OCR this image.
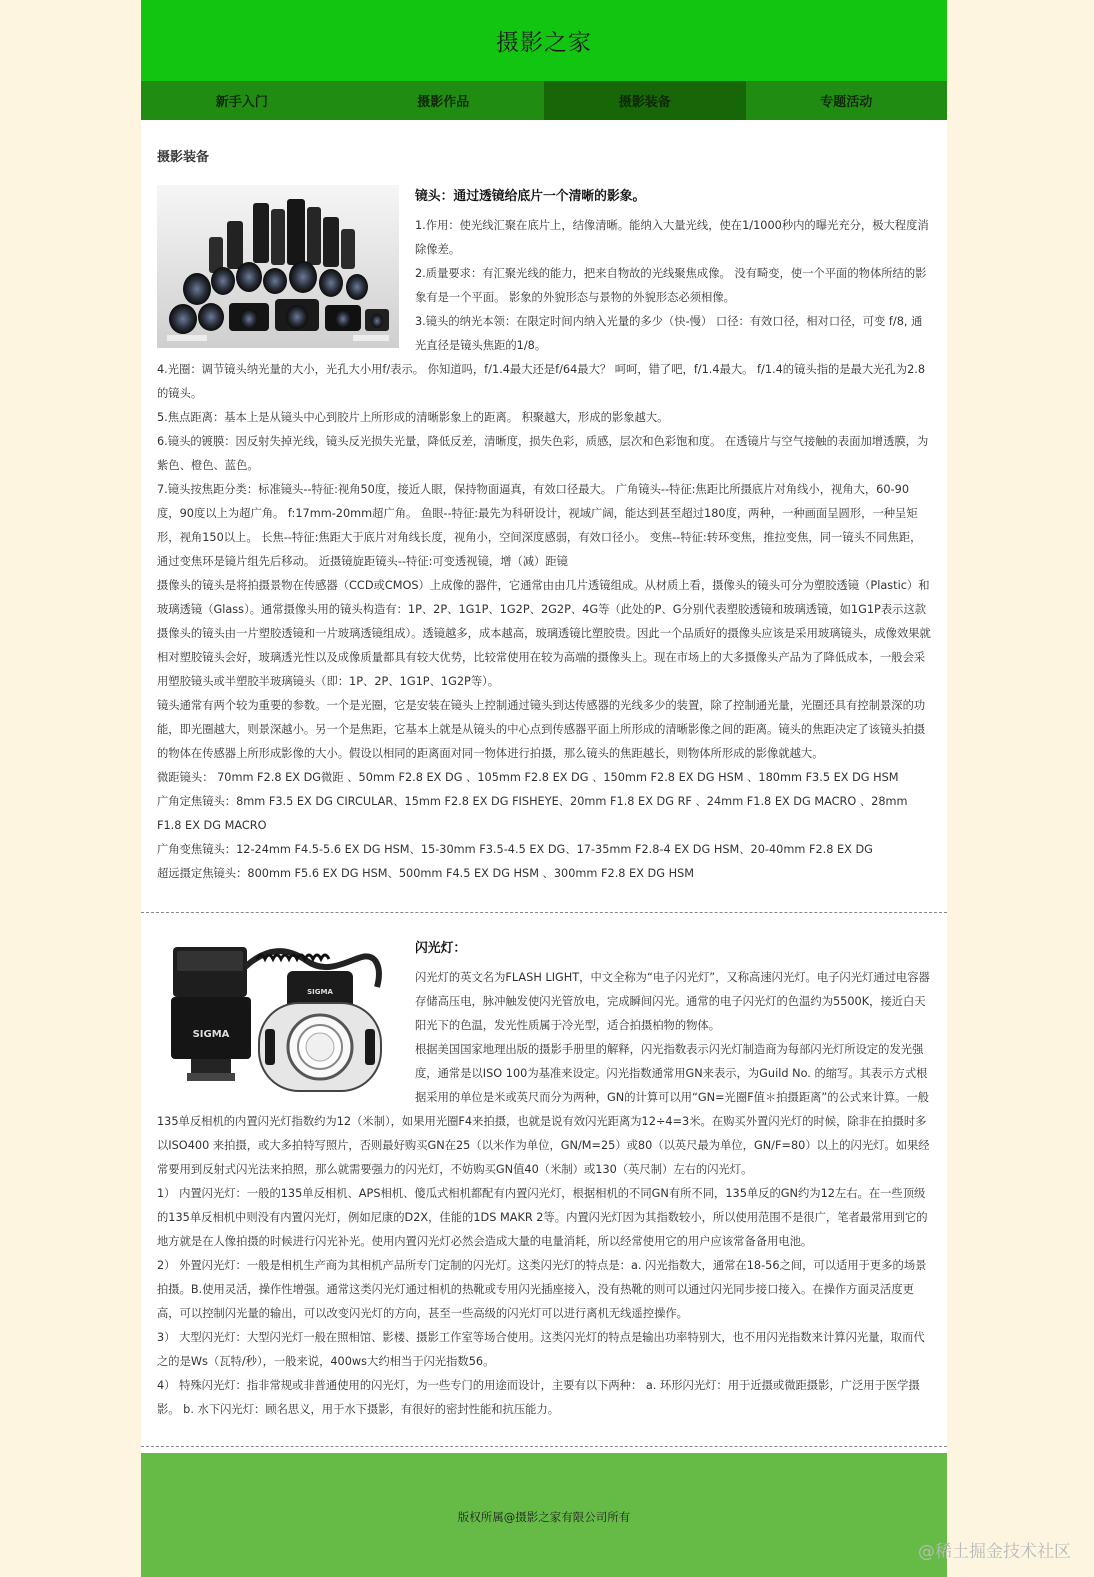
摄影之家
新手入门	摄影作品	摄影装备	专题活动
摄影装备

镜头：通过透镜给底片一个清晰的影象。

1.作用：使光线汇聚在底片上，结像清晰。能纳入大量光线，使在1/1000秒内的曝光充分，极大程度消除像差。

2.质量要求：有汇聚光线的能力，把来自物故的光线聚焦成像。 没有畸变，使一个平面的物体所结的影象有是一个平面。 影象的外貌形态与景物的外貌形态必须相像。

3.镜头的纳光本领：在限定时间内纳入光量的多少（快-慢） 口径：有效口径，相对口径，可变 f/8, 通光直径是镜头焦距的1/8。

4.光圈：调节镜头纳光量的大小，光孔大小用f/表示。 你知道吗，f/1.4最大还是f/64最大？ 呵呵，错了吧，f/1.4最大。 f/1.4的镜头指的是最大光孔为2.8的镜头。

5.焦点距离：基本上是从镜头中心到胶片上所形成的清晰影象上的距离。 积聚越大，形成的影象越大。

6.镜头的镀膜：因反射失掉光线，镜头反光损失光量，降低反差，清晰度，损失色彩，质感，层次和色彩饱和度。 在透镜片与空气接触的表面加增透膜，为紫色、橙色、蓝色。

7.镜头按焦距分类：标准镜头--特征:视角50度，接近人眼，保持物面逼真，有效口径最大。 广角镜头--特征:焦距比所摄底片对角线小，视角大，60-90度，90度以上为超广角。 f:17mm-20mm超广角。 鱼眼--特征:最先为科研设计，视域广阔，能达到甚至超过180度，两种，一种画面呈圆形，一种呈矩形，视角150以上。 长焦--特征:焦距大于底片对角线长度，视角小，空间深度感弱，有效口径小。 变焦--特征:转环变焦，推拉变焦，同一镜头不同焦距，通过变焦环是镜片组先后移动。 近摄镜旋距镜头--特征:可变透视镜，增（减）距镜

摄像头的镜头是将拍摄景物在传感器（CCD或CMOS）上成像的器件，它通常由由几片透镜组成。从材质上看，摄像头的镜头可分为塑胶透镜（Plastic）和玻璃透镜（Glass）。通常摄像头用的镜头构造有：1P、2P、1G1P、1G2P、2G2P、4G等（此处的P、G分别代表塑胶透镜和玻璃透镜，如1G1P表示这款摄像头的镜头由一片塑胶透镜和一片玻璃透镜组成）。透镜越多，成本越高，玻璃透镜比塑胶贵。因此一个品质好的摄像头应该是采用玻璃镜头，成像效果就相对塑胶镜头会好，玻璃透光性以及成像质量都具有较大优势，比较常使用在较为高端的摄像头上。现在市场上的大多摄像头产品为了降低成本，一般会采用塑胶镜头或半塑胶半玻璃镜头（即：1P、2P、1G1P、1G2P等）。

镜头通常有两个较为重要的参数。一个是光圈，它是安装在镜头上控制通过镜头到达传感器的光线多少的装置，除了控制通光量，光圈还具有控制景深的功能，即光圈越大，则景深越小。另一个是焦距，它基本上就是从镜头的中心点到传感器平面上所形成的清晰影像之间的距离。镜头的焦距决定了该镜头拍摄的物体在传感器上所形成影像的大小。假设以相同的距离面对同一物体进行拍摄，那么镜头的焦距越长，则物体所形成的影像就越大。

微距镜头： 70mm F2.8 EX DG微距 、50mm F2.8 EX DG 、105mm F2.8 EX DG 、150mm F2.8 EX DG HSM 、180mm F3.5 EX DG HSM

广角定焦镜头：8mm F3.5 EX DG CIRCULAR、15mm F2.8 EX DG FISHEYE、20mm F1.8 EX DG RF 、24mm F1.8 EX DG MACRO 、28mm F1.8 EX DG MACRO

广角变焦镜头：12-24mm F4.5-5.6 EX DG HSM、15-30mm F3.5-4.5 EX DG、17-35mm F2.8-4 EX DG HSM、20-40mm F2.8 EX DG

超远摄定焦镜头：800mm F5.6 EX DG HSM、500mm F4.5 EX DG HSM 、300mm F2.8 EX DG HSM

SIGMA
SIGMA

闪光灯：

闪光灯的英文名为FLASH LIGHT，中文全称为“电子闪光灯”，又称高速闪光灯。电子闪光灯通过电容器存储高压电，脉冲触发使闪光管放电，完成瞬间闪光。通常的电子闪光灯的色温约为5500K，接近白天阳光下的色温，发光性质属于冷光型，适合拍摄柏物的物体。

根据美国国家地理出版的摄影手册里的解释，闪光指数表示闪光灯制造商为每部闪光灯所设定的发光强度，通常是以ISO 100为基准来设定。闪光指数通常用GN来表示，为Guild No. 的缩写。其表示方式根据采用的单位是米或英尺而分为两种，GN的计算可以用“GN=光圈F值＊拍摄距离”的公式来计算。一般135单反相机的内置闪光灯指数约为12（米制），如果用光圈F4来拍摄，也就是说有效闪光距离为12÷4=3米。在购买外置闪光灯的时候，除非在拍摄时多以ISO400 来拍摄，或大多拍特写照片，否则最好购买GN在25（以米作为单位，GN/M=25）或80（以英尺最为单位，GN/F=80）以上的闪光灯。如果经常要用到反射式闪光法来拍照，那么就需要强力的闪光灯，不妨购买GN值40（米制）或130（英尺制）左右的闪光灯。

1） 内置闪光灯：一般的135单反相机、APS相机、傻瓜式相机都配有内置闪光灯，根据相机的不同GN有所不同，135单反的GN约为12左右。在一些顶级的135单反相机中则没有内置闪光灯，例如尼康的D2X，佳能的1DS MAKR 2等。内置闪光灯因为其指数较小，所以使用范围不是很广，笔者最常用到它的地方就是在人像拍摄的时候进行闪光补光。使用内置闪光灯必然会造成大量的电量消耗，所以经常使用它的用户应该常备备用电池。

2） 外置闪光灯：一般是相机生产商为其相机产品所专门定制的闪光灯。这类闪光灯的特点是：a. 闪光指数大，通常在18-56之间，可以适用于更多的场景拍摄。B.使用灵活，操作性增强。通常这类闪光灯通过相机的热靴或专用闪光插座接入，没有热靴的则可以通过闪光同步接口接入。在操作方面灵活度更高，可以控制闪光量的输出，可以改变闪光灯的方向，甚至一些高级的闪光灯可以进行离机无线遥控操作。

3） 大型闪光灯：大型闪光灯一般在照相馆、影楼、摄影工作室等场合使用。这类闪光灯的特点是输出功率特别大，也不用闪光指数来计算闪光量，取而代之的是Ws（瓦特/秒），一般来说，400ws大约相当于闪光指数56。

4） 特殊闪光灯：指非常规或非普通使用的闪光灯，为一些专门的用途而设计，主要有以下两种： a. 环形闪光灯：用于近摄或微距摄影，广泛用于医学摄影。 b. 水下闪光灯：顾名思义，用于水下摄影，有很好的密封性能和抗压能力。

版权所属@摄影之家有限公司所有
@稀土掘金技术社区
